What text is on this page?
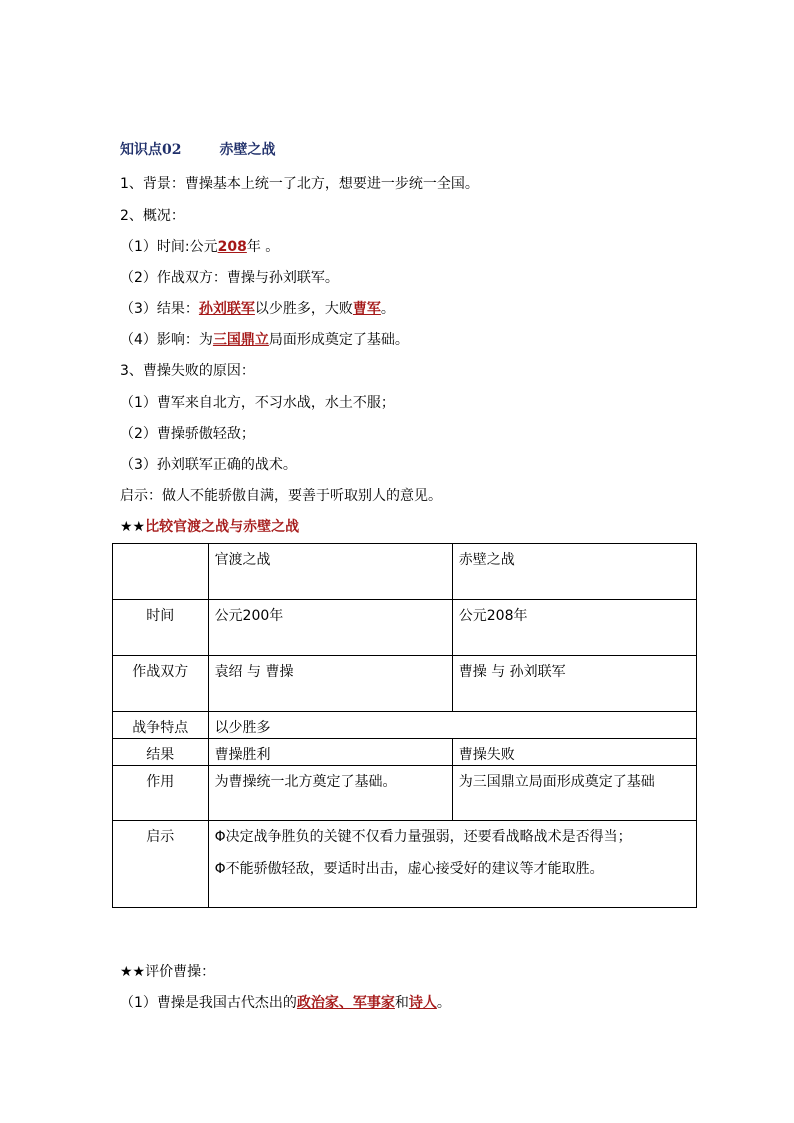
知识点02	赤壁之战
1、背景：曹操基本上统一了北方，想要进一步统一全国。
2、概况：
（1）时间:公元208年 。
（2）作战双方：曹操与孙刘联军。
（3）结果：孙刘联军以少胜多，大败曹军。
（4）影响：为三国鼎立局面形成奠定了基础。
3、曹操失败的原因：
（1）曹军来自北方，不习水战，水土不服；
（2）曹操骄傲轻敌；
（3）孙刘联军正确的战术。
启示：做人不能骄傲自满，要善于听取别人的意见。
★★比较官渡之战与赤壁之战
	官渡之战	赤壁之战
时间	公元200年	公元208年
作战双方	袁绍 与 曹操	曹操 与 孙刘联军
战争特点	以少胜多	
结果	曹操胜利	曹操失败
作用	为曹操统一北方奠定了基础。	为三国鼎立局面形成奠定了基础
启示	Φ决定战争胜负的关键不仅看力量强弱，还要看战略战术是否得当；
Φ不能骄傲轻敌，要适时出击，虚心接受好的建议等才能取胜。	
★★评价曹操：
（1）曹操是我国古代杰出的政治家、军事家和诗人。
